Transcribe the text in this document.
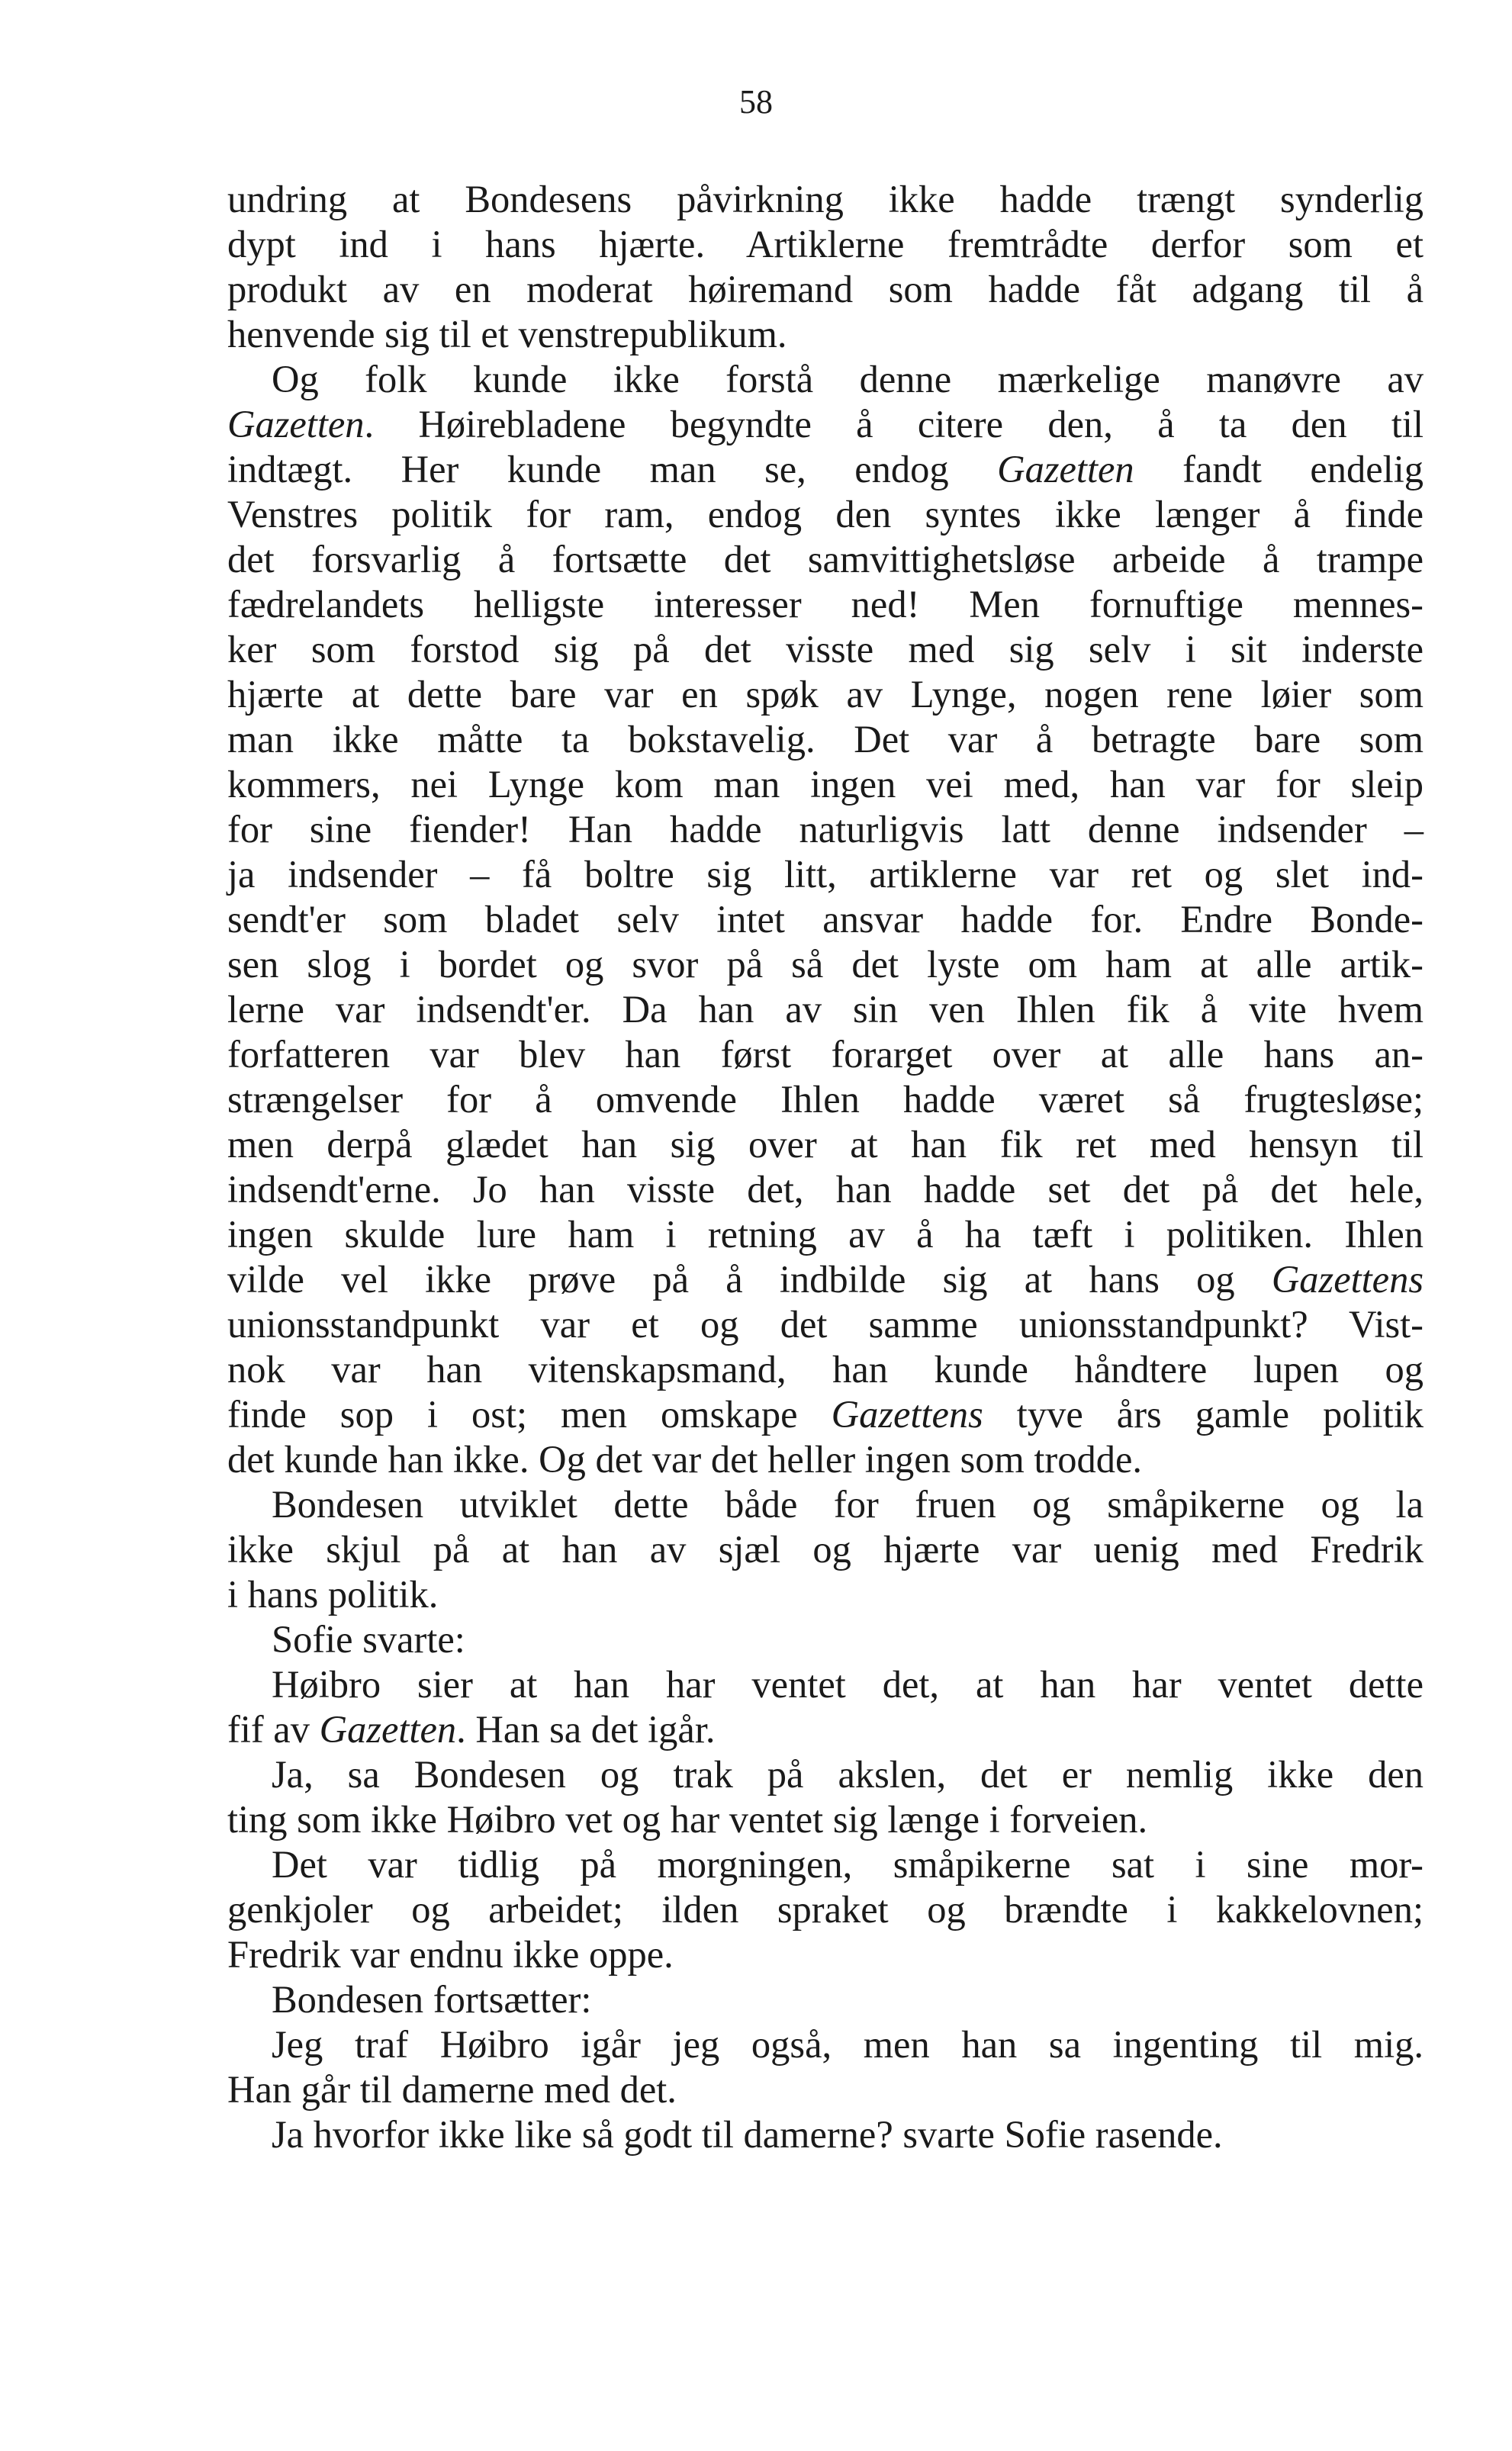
58
undring at Bondesens påvirkning ikke hadde trængt synderlig
dypt ind i hans hjærte. Artiklerne fremtrådte derfor som et
produkt av en moderat høiremand som hadde fåt adgang til å
henvende sig til et venstrepublikum.
Og folk kunde ikke forstå denne mærkelige manøvre av
Gazetten. Høirebladene begyndte å citere den, å ta den til
indtægt. Her kunde man se, endog Gazetten fandt endelig
Venstres politik for ram, endog den syntes ikke længer å finde
det forsvarlig å fortsætte det samvittighetsløse arbeide å trampe
fædrelandets helligste interesser ned! Men fornuftige mennes-
ker som forstod sig på det visste med sig selv i sit inderste
hjærte at dette bare var en spøk av Lynge, nogen rene løier som
man ikke måtte ta bokstavelig. Det var å betragte bare som
kommers, nei Lynge kom man ingen vei med, han var for sleip
for sine fiender! Han hadde naturligvis latt denne indsender –
ja indsender – få boltre sig litt, artiklerne var ret og slet ind-
sendt'er som bladet selv intet ansvar hadde for. Endre Bonde-
sen slog i bordet og svor på så det lyste om ham at alle artik-
lerne var indsendt'er. Da han av sin ven Ihlen fik å vite hvem
forfatteren var blev han først forarget over at alle hans an-
strængelser for å omvende Ihlen hadde været så frugtesløse;
men derpå glædet han sig over at han fik ret med hensyn til
indsendt'erne. Jo han visste det, han hadde set det på det hele,
ingen skulde lure ham i retning av å ha tæft i politiken. Ihlen
vilde vel ikke prøve på å indbilde sig at hans og Gazettens
unionsstandpunkt var et og det samme unionsstandpunkt? Vist-
nok var han vitenskapsmand, han kunde håndtere lupen og
finde sop i ost; men omskape Gazettens tyve års gamle politik
det kunde han ikke. Og det var det heller ingen som trodde.
Bondesen utviklet dette både for fruen og småpikerne og la
ikke skjul på at han av sjæl og hjærte var uenig med Fredrik
i hans politik.
Sofie svarte:
Høibro sier at han har ventet det, at han har ventet dette
fif av Gazetten. Han sa det igår.
Ja, sa Bondesen og trak på akslen, det er nemlig ikke den
ting som ikke Høibro vet og har ventet sig længe i forveien.
Det var tidlig på morgningen, småpikerne sat i sine mor-
genkjoler og arbeidet; ilden spraket og brændte i kakkelovnen;
Fredrik var endnu ikke oppe.
Bondesen fortsætter:
Jeg traf Høibro igår jeg også, men han sa ingenting til mig.
Han går til damerne med det.
Ja hvorfor ikke like så godt til damerne? svarte Sofie rasende.
